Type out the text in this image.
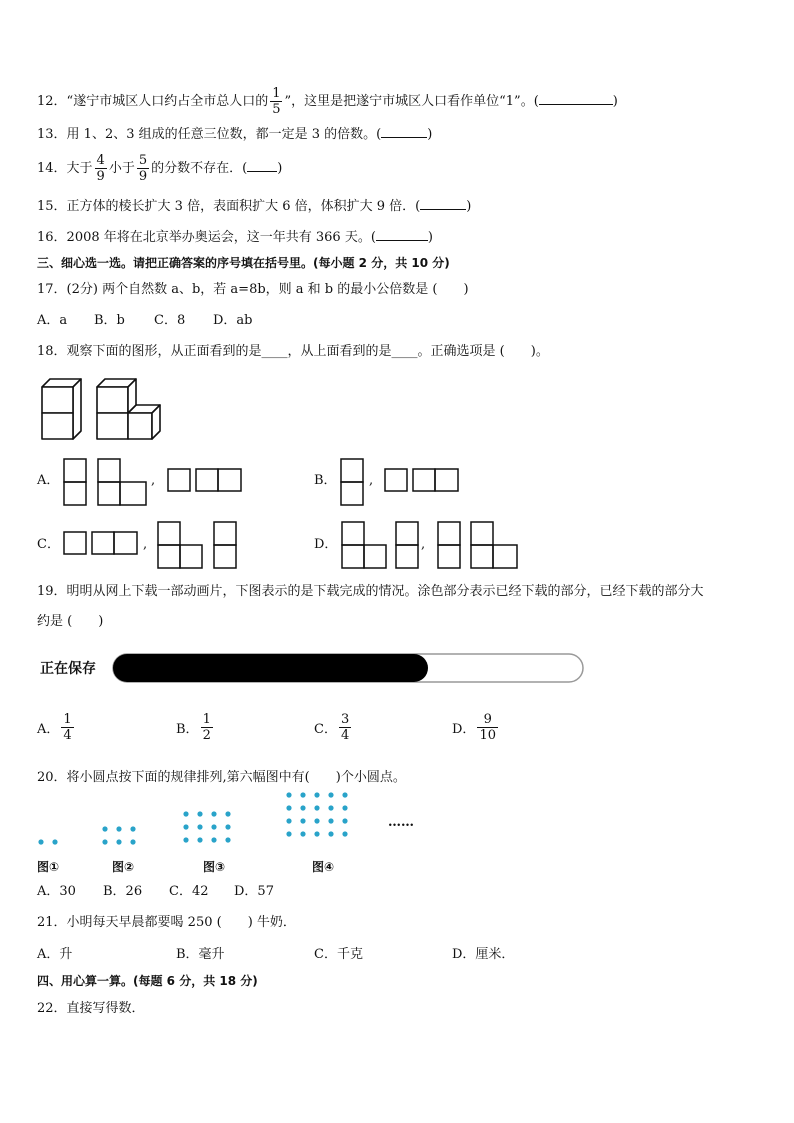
12．“遂宁市城区人口约占全市总人口的 $\frac{1}{5}$ ”，这里是把遂宁市城区人口看作单位“1”。(	)
13．用 1、2、3 组成的任意三位数，都一定是 3 的倍数。(	)
14．大于 $\frac{4}{9}$ 小于 $\frac{5}{9}$ 的分数不存在．( )
15．正方体的棱长扩大 3 倍，表面积扩大 6 倍，体积扩大 9 倍．(	)
16．2008 年将在北京举办奥运会，这一年共有 366 天。(	)
三、细心选一选。请把正确答案的序号填在括号里。(每小题 2 分，共 10 分)
17．(2分) 两个自然数 a、b，若 a=8b，则 a 和 b 的最小公倍数是 (　　)
A．a B．b C．8 D．ab
18．观察下面的图形，从正面看到的是____，从上面看到的是____。正确选项是 (　　)。
A．	,	B． ,
C．	,	D．	,
19．明明从网上下载一部动画片，下图表示的是下载完成的情况。涂色部分表示已经下载的部分，已经下载的部分大
约是 (　　)
正在保存
A． $\frac{1}{4}$	B． $\frac{1}{2}$	C． $\frac{3}{4}$	D． $\frac{9}{10}$
20．将小圆点按下面的规律排列,第六幅图中有(　　)个小圆点。
……
图①	图②	图③	图④
A．30 B．26 C．42 D．57
21．小明每天早晨都要喝 250 (　　) 牛奶．
A．升	B．毫升	C．千克	D．厘米．
四、用心算一算。(每题 6 分，共 18 分)
22．直接写得数．
